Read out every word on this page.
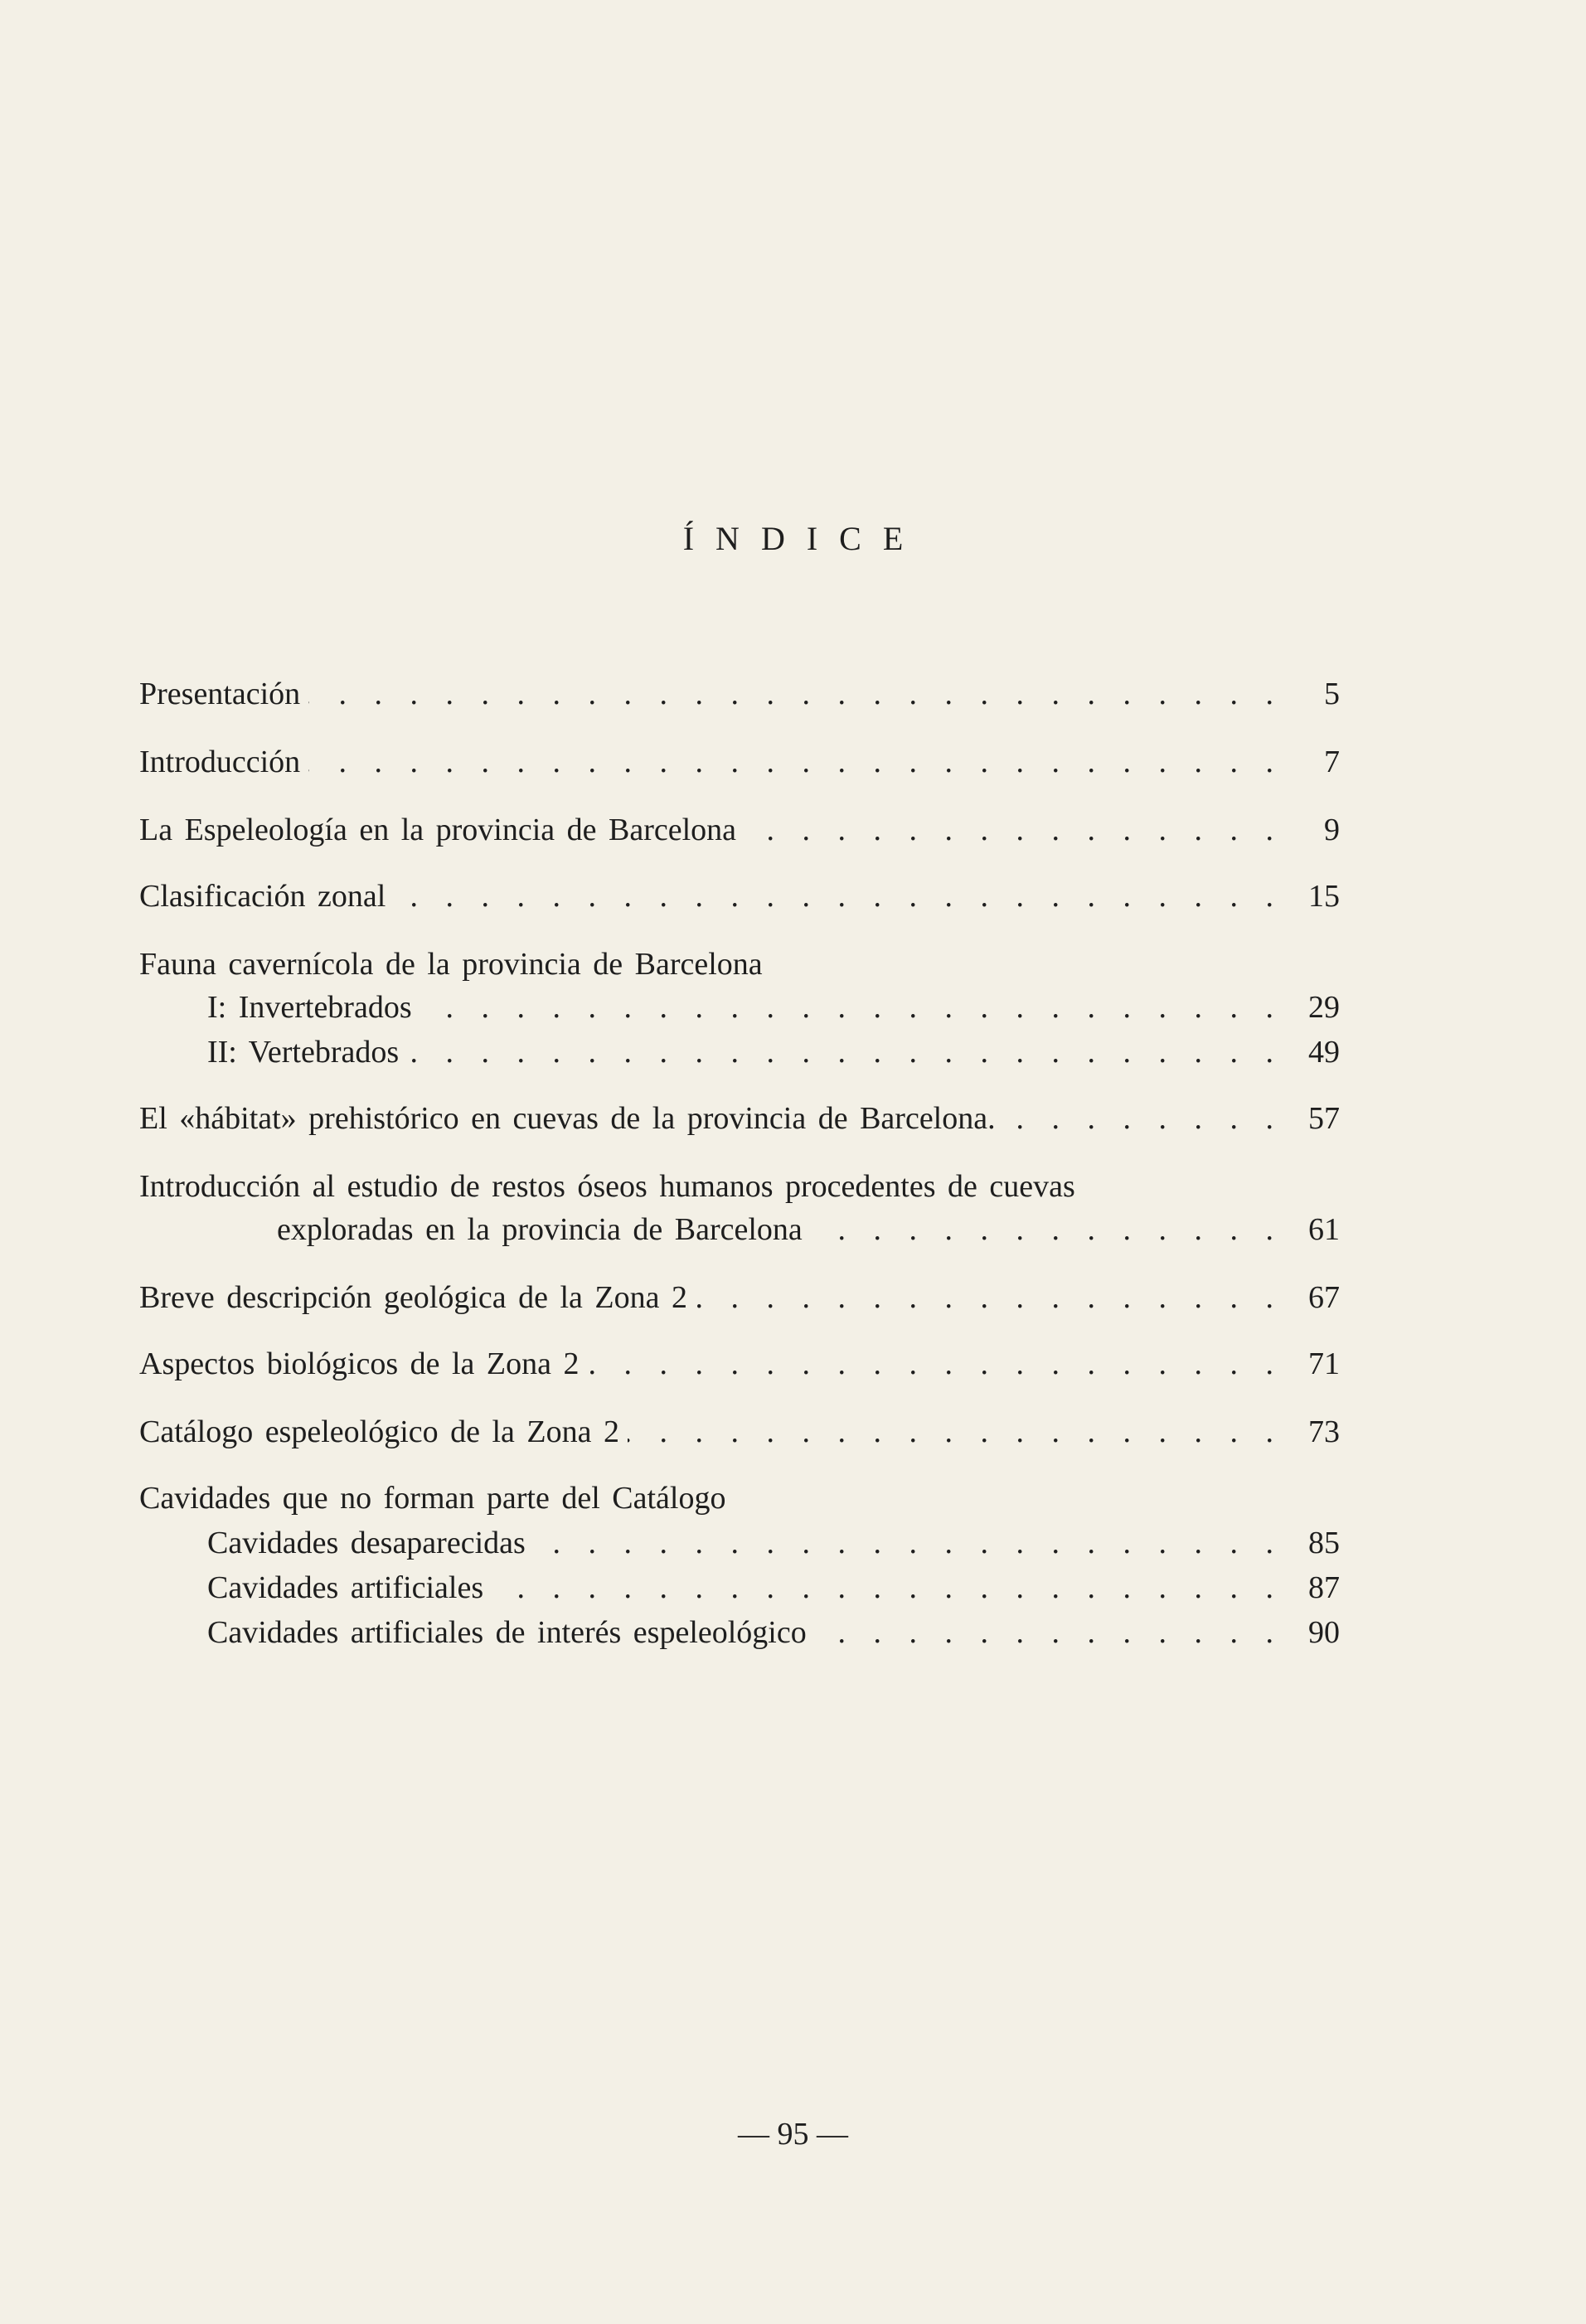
ÍNDICE
Presentación . . .	5
Introducción . . .	7
La Espeleología en la provincia de Barcelona . . .	9
Clasificación zonal . . .	15
Fauna cavernícola de la provincia de Barcelona
I: Invertebrados . . .	29
II: Vertebrados . . .	49
El «hábitat» prehistórico en cuevas de la provincia de Barcelona. . . .	57
Introducción al estudio de restos óseos humanos procedentes de cuevas
exploradas en la provincia de Barcelona . . .	61
Breve descripción geológica de la Zona 2 . . .	67
Aspectos biológicos de la Zona 2 . . .	71
Catálogo espeleológico de la Zona 2 . . .	73
Cavidades que no forman parte del Catálogo
Cavidades desaparecidas . . .	85
Cavidades artificiales . . .	87
Cavidades artificiales de interés espeleológico . . .	90
— 95 —
